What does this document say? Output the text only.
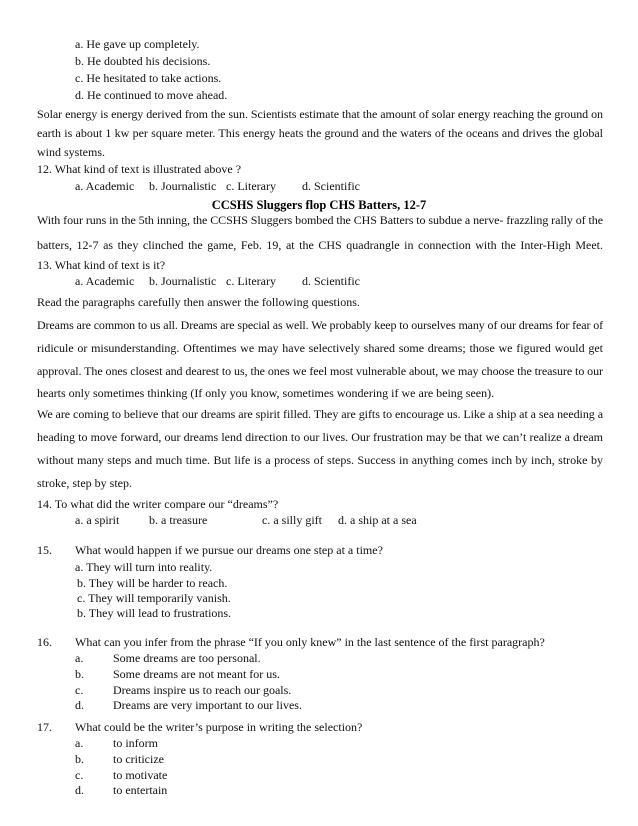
a. He gave up completely.
b. He doubted his decisions.
c. He hesitated to take actions.
d. He continued to move ahead.
Solar energy is energy derived from the sun. Scientists estimate that the amount of solar energy reaching the ground on
earth is about 1 kw per square meter. This energy heats the ground and the waters of the oceans and drives the global
wind systems.
12. What kind of text is illustrated above ?
a. Academic b. Journalistic c. Literary d. Scientific
CCSHS Sluggers flop CHS Batters, 12-7
With four runs in the 5th inning, the CCSHS Sluggers bombed the CHS Batters to subdue a nerve- frazzling rally of the
batters, 12-7 as they clinched the game, Feb. 19, at the CHS quadrangle in connection with the Inter-High Meet.
13. What kind of text is it?
a. Academic b. Journalistic c. Literary d. Scientific
Read the paragraphs carefully then answer the following questions.
Dreams are common to us all. Dreams are special as well. We probably keep to ourselves many of our dreams for fear of
ridicule or misunderstanding. Oftentimes we may have selectively shared some dreams; those we figured would get
approval. The ones closest and dearest to us, the ones we feel most vulnerable about, we may choose the treasure to our
hearts only sometimes thinking (If only you know, sometimes wondering if we are being seen).
We are coming to believe that our dreams are spirit filled. They are gifts to encourage us. Like a ship at a sea needing a
heading to move forward, our dreams lend direction to our lives. Our frustration may be that we can’t realize a dream
without many steps and much time. But life is a process of steps. Success in anything comes inch by inch, stroke by
stroke, step by step.
14. To what did the writer compare our “dreams”?
a. a spirit b. a treasure	c. a silly gift d. a ship at a sea
15. What would happen if we pursue our dreams one step at a time?
a. They will turn into reality.
b. They will be harder to reach.
c. They will temporarily vanish.
b. They will lead to frustrations.
16. What can you infer from the phrase “If you only knew” in the last sentence of the first paragraph?
a. Some dreams are too personal.
b. Some dreams are not meant for us.
c. Dreams inspire us to reach our goals.
d. Dreams are very important to our lives.
17. What could be the writer’s purpose in writing the selection?
a. to inform
b. to criticize
c. to motivate
d. to entertain
